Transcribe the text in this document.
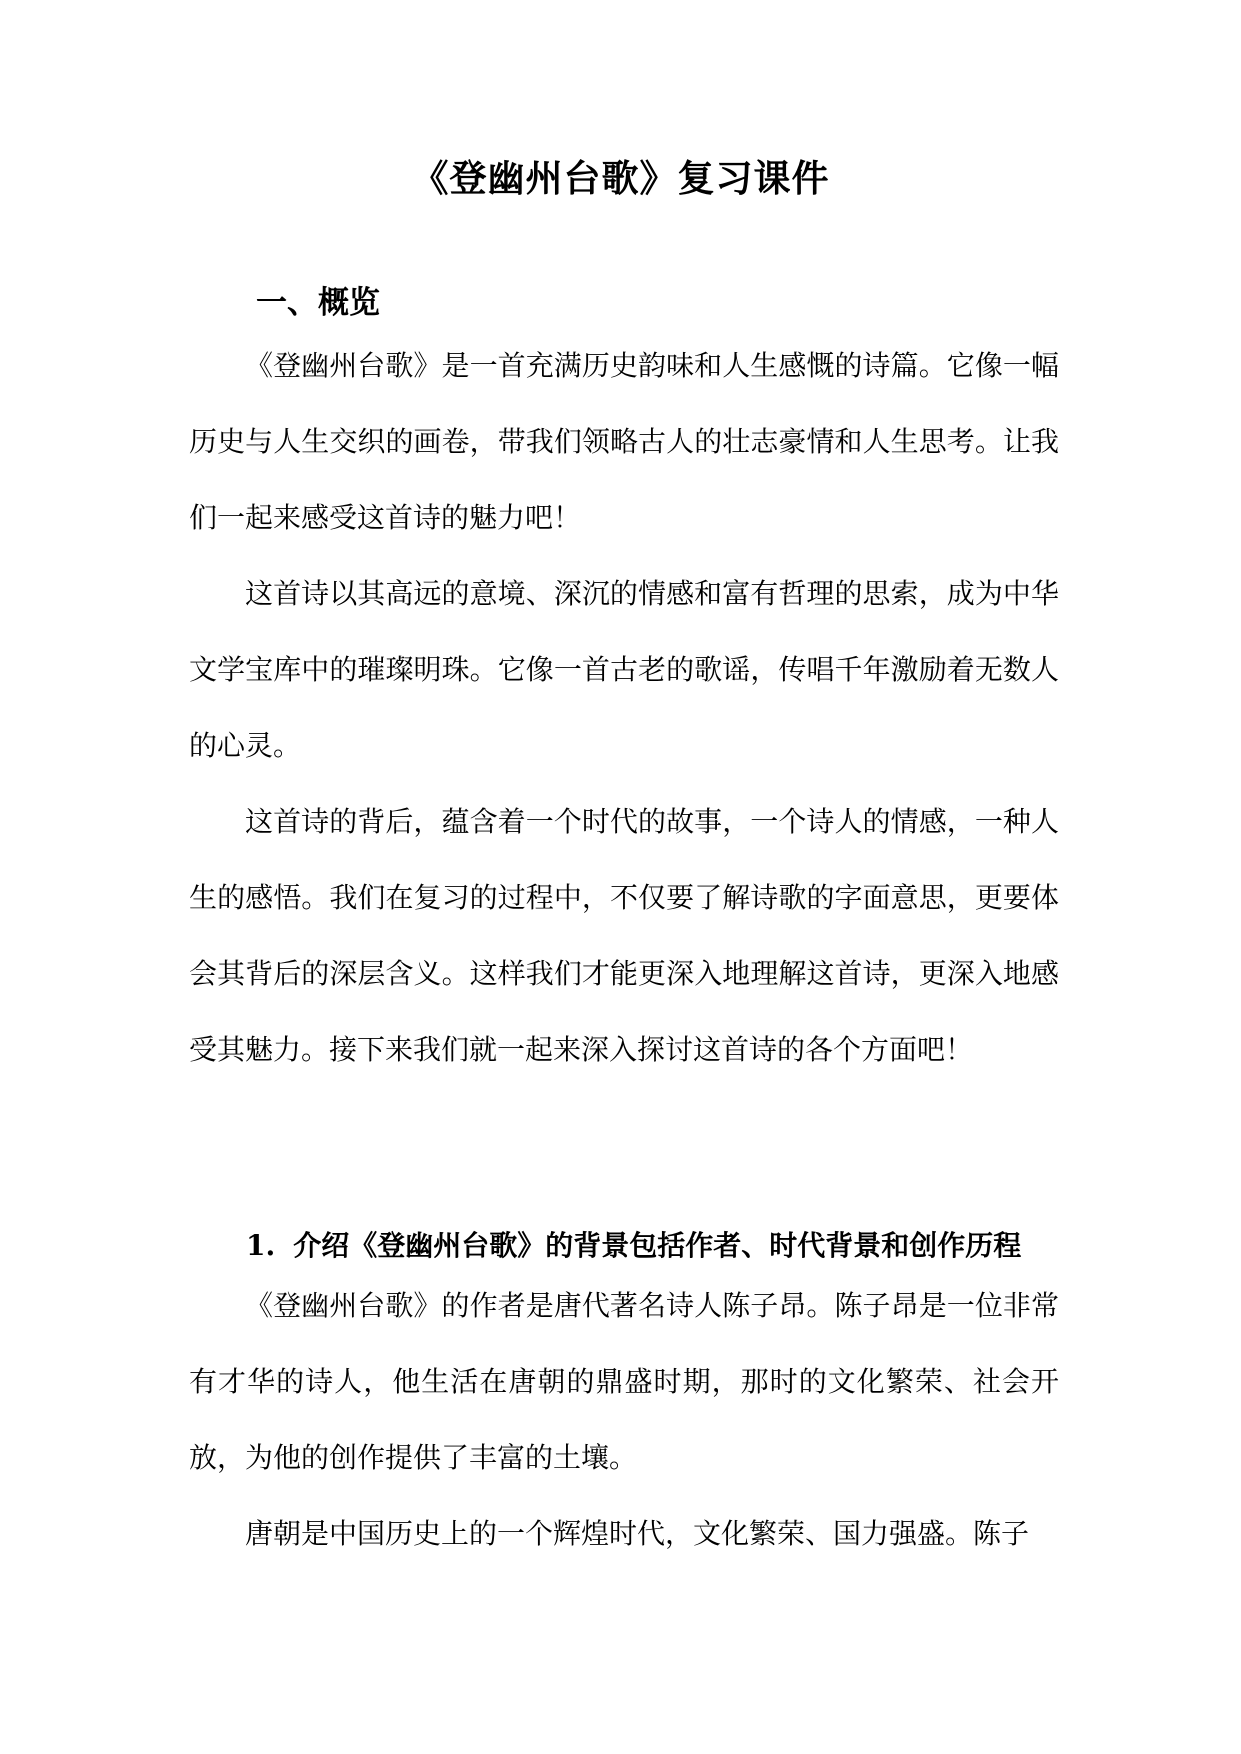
《登幽州台歌》复习课件
一、概览

《登幽州台歌》是一首充满历史韵味和人生感慨的诗篇。它像一幅历史与人生交织的画卷，带我们领略古人的壮志豪情和人生思考。让我们一起来感受这首诗的魅力吧！

这首诗以其高远的意境、深沉的情感和富有哲理的思索，成为中华文学宝库中的璀璨明珠。它像一首古老的歌谣，传唱千年激励着无数人的心灵。

这首诗的背后，蕴含着一个时代的故事，一个诗人的情感，一种人生的感悟。我们在复习的过程中，不仅要了解诗歌的字面意思，更要体会其背后的深层含义。这样我们才能更深入地理解这首诗，更深入地感受其魅力。接下来我们就一起来深入探讨这首诗的各个方面吧！

1. 介绍《登幽州台歌》的背景包括作者、时代背景和创作历程

《登幽州台歌》的作者是唐代著名诗人陈子昂。陈子昂是一位非常有才华的诗人，他生活在唐朝的鼎盛时期，那时的文化繁荣、社会开放，为他的创作提供了丰富的土壤。

唐朝是中国历史上的一个辉煌时代，文化繁荣、国力强盛。陈子
